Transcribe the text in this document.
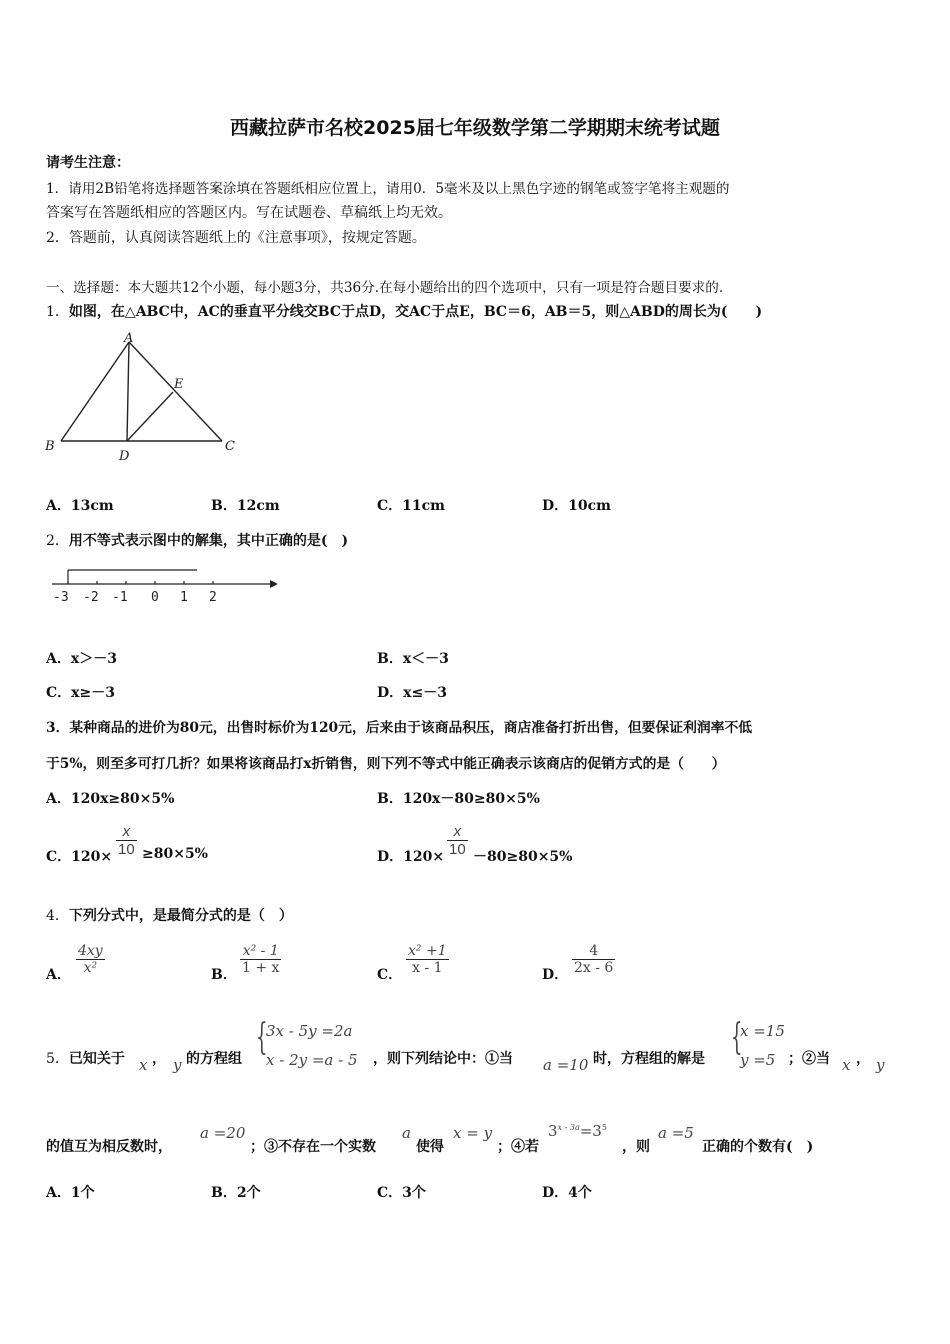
西藏拉萨市名校2025届七年级数学第二学期期末统考试题
请考生注意：
1．请用2B铅笔将选择题答案涂填在答题纸相应位置上，请用0．5毫米及以上黑色字迹的钢笔或签字笔将主观题的
答案写在答题纸相应的答题区内。写在试题卷、草稿纸上均无效。
2．答题前，认真阅读答题纸上的《注意事项》，按规定答题。
一、选择题：本大题共12个小题，每小题3分，共36分.在每小题给出的四个选项中，只有一项是符合题目要求的.
1．如图，在△ABC中，AC的垂直平分线交BC于点D，交AC于点E，BC＝6，AB＝5，则△ABD的周长为(　　)
A
B	C
D
E
A．13cm	B．12cm	C．11cm	D．10cm
2．用不等式表示图中的解集，其中正确的是(　)
-3 -2 -1 0 1 2
A．x＞－3	B．x＜－3
C．x≥－3	D．x≤－3
3．某种商品的进价为80元，出售时标价为120元，后来由于该商品积压，商店准备打折出售，但要保证利润率不低
于5%，则至多可打几折？如果将该商品打x折销售，则下列不等式中能正确表示该商店的促销方式的是（　　）
A．120x≥80×5%	B．120x－80≥80×5%
C．$120\times \frac{x}{10} \ge 80\times 5\%$	D．$120\times \frac{x}{10} -80\ge 80\times 5\%$
4．下列分式中，是最简分式的是（　）
A． $\frac{4xy}{\text{x²}}$	B． $\frac{\text{x² - 1}}{1 + x}$	C． $\frac{\text{x² +1}}{x - 1}$	D． $\frac{4}{2x - 6}$
5．已知关于 x ， y 的方程组
{
3x - 5y =2a
x - 2y =a - 5 ，则下列结论中：①当 a =10 时，方程组的解是
{
x =15
y =5 ；②当 x ， y
的值互为相反数时，
a =20
；③不存在一个实数
a
使得
x = y
；④若
$3^{x - 3a}=3^5$
，则
a =5
正确的个数有(　)
A．1个	B．2个	C．3个	D．4个
